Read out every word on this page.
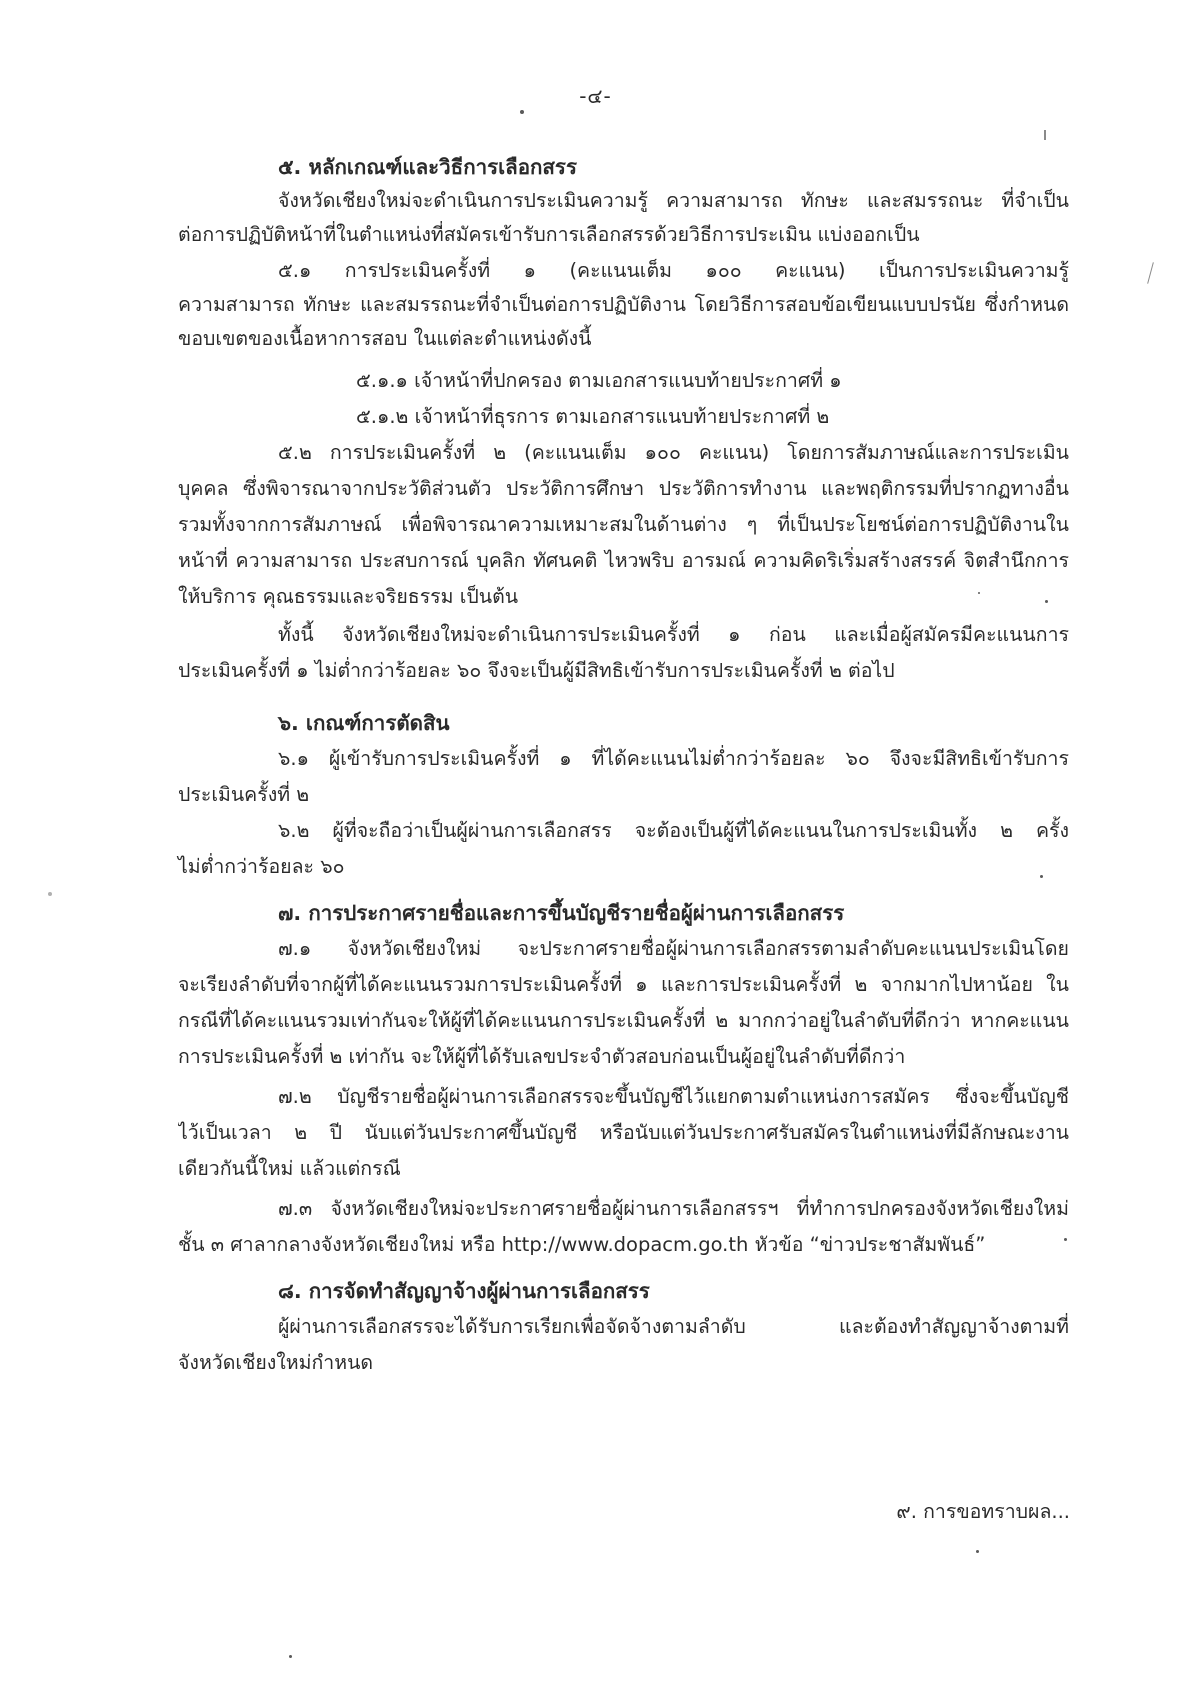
-๔-
๕. หลักเกณฑ์และวิธีการเลือกสรร
จังหวัดเชียงใหม่จะดำเนินการประเมินความรู้ ความสามารถ ทักษะ และสมรรถนะ ที่จำเป็น
ต่อการปฏิบัติหน้าที่ในตำแหน่งที่สมัครเข้ารับการเลือกสรรด้วยวิธีการประเมิน แบ่งออกเป็น
๕.๑ การประเมินครั้งที่ ๑ (คะแนนเต็ม ๑๐๐ คะแนน) เป็นการประเมินความรู้
ความสามารถ ทักษะ และสมรรถนะที่จำเป็นต่อการปฏิบัติงาน โดยวิธีการสอบข้อเขียนแบบปรนัย ซึ่งกำหนด
ขอบเขตของเนื้อหาการสอบ ในแต่ละตำแหน่งดังนี้
๕.๑.๑ เจ้าหน้าที่ปกครอง ตามเอกสารแนบท้ายประกาศที่ ๑
๕.๑.๒ เจ้าหน้าที่ธุรการ ตามเอกสารแนบท้ายประกาศที่ ๒
๕.๒ การประเมินครั้งที่ ๒ (คะแนนเต็ม ๑๐๐ คะแนน) โดยการสัมภาษณ์และการประเมิน
บุคคล ซึ่งพิจารณาจากประวัติส่วนตัว ประวัติการศึกษา ประวัติการทำงาน และพฤติกรรมที่ปรากฏทางอื่น
รวมทั้งจากการสัมภาษณ์ เพื่อพิจารณาความเหมาะสมในด้านต่าง ๆ ที่เป็นประโยชน์ต่อการปฏิบัติงานใน
หน้าที่ ความสามารถ ประสบการณ์ บุคลิก ทัศนคติ ไหวพริบ อารมณ์ ความคิดริเริ่มสร้างสรรค์ จิตสำนึกการ
ให้บริการ คุณธรรมและจริยธรรม เป็นต้น
ทั้งนี้ จังหวัดเชียงใหม่จะดำเนินการประเมินครั้งที่ ๑ ก่อน และเมื่อผู้สมัครมีคะแนนการ
ประเมินครั้งที่ ๑ ไม่ต่ำกว่าร้อยละ ๖๐ จึงจะเป็นผู้มีสิทธิเข้ารับการประเมินครั้งที่ ๒ ต่อไป
๖. เกณฑ์การตัดสิน
๖.๑ ผู้เข้ารับการประเมินครั้งที่ ๑ ที่ได้คะแนนไม่ต่ำกว่าร้อยละ ๖๐ จึงจะมีสิทธิเข้ารับการ
ประเมินครั้งที่ ๒
๖.๒ ผู้ที่จะถือว่าเป็นผู้ผ่านการเลือกสรร จะต้องเป็นผู้ที่ได้คะแนนในการประเมินทั้ง ๒ ครั้ง
ไม่ต่ำกว่าร้อยละ ๖๐
๗. การประกาศรายชื่อและการขึ้นบัญชีรายชื่อผู้ผ่านการเลือกสรร
๗.๑ จังหวัดเชียงใหม่ จะประกาศรายชื่อผู้ผ่านการเลือกสรรตามลำดับคะแนนประเมินโดย
จะเรียงลำดับที่จากผู้ที่ได้คะแนนรวมการประเมินครั้งที่ ๑ และการประเมินครั้งที่ ๒ จากมากไปหาน้อย ใน
กรณีที่ได้คะแนนรวมเท่ากันจะให้ผู้ที่ได้คะแนนการประเมินครั้งที่ ๒ มากกว่าอยู่ในลำดับที่ดีกว่า หากคะแนน
การประเมินครั้งที่ ๒ เท่ากัน จะให้ผู้ที่ได้รับเลขประจำตัวสอบก่อนเป็นผู้อยู่ในลำดับที่ดีกว่า
๗.๒ บัญชีรายชื่อผู้ผ่านการเลือกสรรจะขึ้นบัญชีไว้แยกตามตำแหน่งการสมัคร ซึ่งจะขึ้นบัญชี
ไว้เป็นเวลา ๒ ปี นับแต่วันประกาศขึ้นบัญชี หรือนับแต่วันประกาศรับสมัครในตำแหน่งที่มีลักษณะงาน
เดียวกันนี้ใหม่ แล้วแต่กรณี
๗.๓ จังหวัดเชียงใหม่จะประกาศรายชื่อผู้ผ่านการเลือกสรรฯ ที่ทำการปกครองจังหวัดเชียงใหม่
ชั้น ๓ ศาลากลางจังหวัดเชียงใหม่ หรือ http://www.dopacm.go.th หัวข้อ “ข่าวประชาสัมพันธ์”
๘. การจัดทำสัญญาจ้างผู้ผ่านการเลือกสรร
ผู้ผ่านการเลือกสรรจะได้รับการเรียกเพื่อจัดจ้างตามลำดับ และต้องทำสัญญาจ้างตามที่
จังหวัดเชียงใหม่กำหนด
๙. การขอทราบผล...
